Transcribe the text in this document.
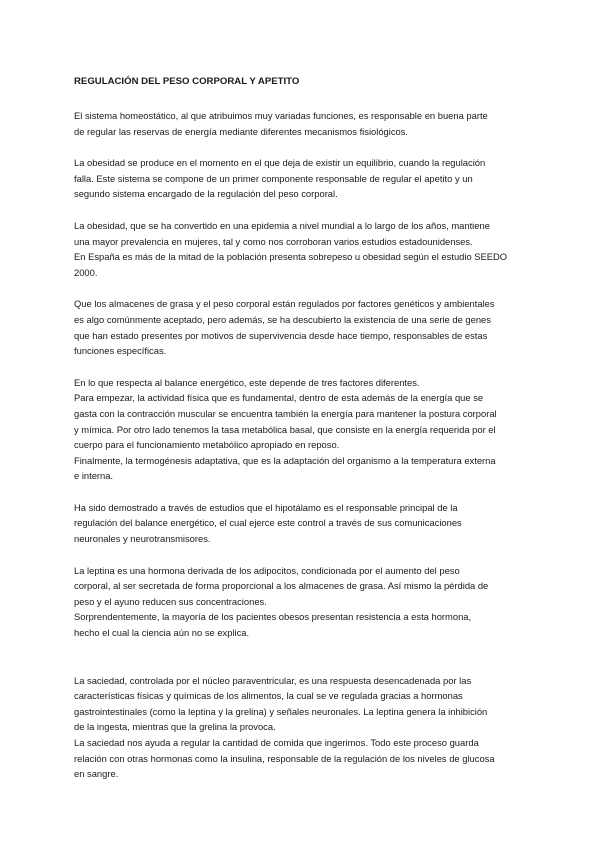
REGULACIÓN DEL PESO CORPORAL Y APETITO
El sistema homeostático, al que atribuimos muy variadas funciones, es responsable en buena parte
de regular las reservas de energía mediante diferentes mecanismos fisiológicos.
La obesidad se produce en el momento en el que deja de existir un equilibrio, cuando la regulación
falla. Este sistema se compone de un primer componente responsable de regular el apetito y un
segundo sistema encargado de la regulación del peso corporal.
La obesidad, que se ha convertido en una epidemia a nivel mundial a lo largo de los años, mantiene
una mayor prevalencia en mujeres, tal y como nos corroboran varios estudios estadounidenses.
En España es más de la mitad de la población presenta sobrepeso u obesidad según el estudio SEEDO
2000.
Que los almacenes de grasa y el peso corporal están regulados por factores genéticos y ambientales
es algo comúnmente aceptado, pero además, se ha descubierto la existencia de una serie de genes
que han estado presentes por motivos de supervivencia desde hace tiempo, responsables de estas
funciones específicas.
En lo que respecta al balance energético, este depende de tres factores diferentes.
Para empezar, la actividad física que es fundamental, dentro de esta además de la energía que se
gasta con la contracción muscular se encuentra también la energía para mantener la postura corporal
y mímica. Por otro lado tenemos la tasa metabólica basal, que consiste en la energía requerida por el
cuerpo para el funcionamiento metabólico apropiado en reposo.
Finalmente, la termogénesis adaptativa, que es la adaptación del organismo a la temperatura externa
e interna.
Ha sido demostrado a través de estudios que el hipotálamo es el responsable principal de la
regulación del balance energético, el cual ejerce este control a través de sus comunicaciones
neuronales y neurotransmisores.
La leptina es una hormona derivada de los adipocitos, condicionada por el aumento del peso
corporal, al ser secretada de forma proporcional a los almacenes de grasa. Así mismo la pérdida de
peso y el ayuno reducen sus concentraciones.
Sorprendentemente, la mayoría de los pacientes obesos presentan resistencia a esta hormona,
hecho el cual la ciencia aún no se explica.
La saciedad, controlada por el núcleo paraventricular, es una respuesta desencadenada por las
características físicas y químicas de los alimentos, la cual se ve regulada gracias a hormonas
gastrointestinales (como la leptina y la grelina) y señales neuronales. La leptina genera la inhibición
de la ingesta, mientras que la grelina la provoca.
La saciedad nos ayuda a regular la cantidad de comida que ingerimos. Todo este proceso guarda
relación con otras hormonas como la insulina, responsable de la regulación de los niveles de glucosa
en sangre.
